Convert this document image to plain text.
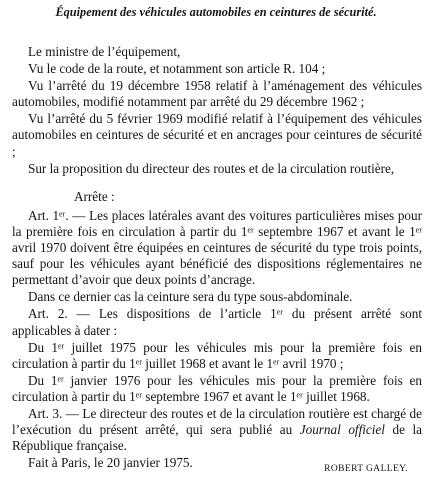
Équipement des véhicules automobiles en ceintures de sécurité.

Le ministre de l’équipement,

Vu le code de la route, et notamment son article R. 104 ;

Vu l’arrêté du 19 décembre 1958 relatif à l’aménagement des véhicules automobiles, modifié notamment par arrêté du 29 décembre 1962 ;

Vu l’arrêté du 5 février 1969 modifié relatif à l’équipement des véhicules automobiles en ceintures de sécurité et en ancrages pour ceintures de sécurité ;

Sur la proposition du directeur des routes et de la circulation routière,

Arrête :

Art. 1ᵉʳ. — Les places latérales avant des voitures particulières mises pour la première fois en circulation à partir du 1ᵉʳ septembre 1967 et avant le 1ᵉʳ avril 1970 doivent être équipées en ceintures de sécurité du type trois points, sauf pour les véhicules ayant bénéficié des dispositions réglementaires ne permettant d’avoir que deux points d’ancrage.

Dans ce dernier cas la ceinture sera du type sous-abdominale.

Art. 2. — Les dispositions de l’article 1ᵉʳ du présent arrêté sont applicables à dater :

Du 1ᵉʳ juillet 1975 pour les véhicules mis pour la première fois en circulation à partir du 1ᵉʳ juillet 1968 et avant le 1ᵉʳ avril 1970 ;

Du 1ᵉʳ janvier 1976 pour les véhicules mis pour la première fois en circulation à partir du 1ᵉʳ septembre 1967 et avant le 1ᵉʳ juillet 1968.

Art. 3. — Le directeur des routes et de la circulation routière est chargé de l’exécution du présent arrêté, qui sera publié au Journal officiel de la République française.

Fait à Paris, le 20 janvier 1975.	ROBERT GALLEY.
